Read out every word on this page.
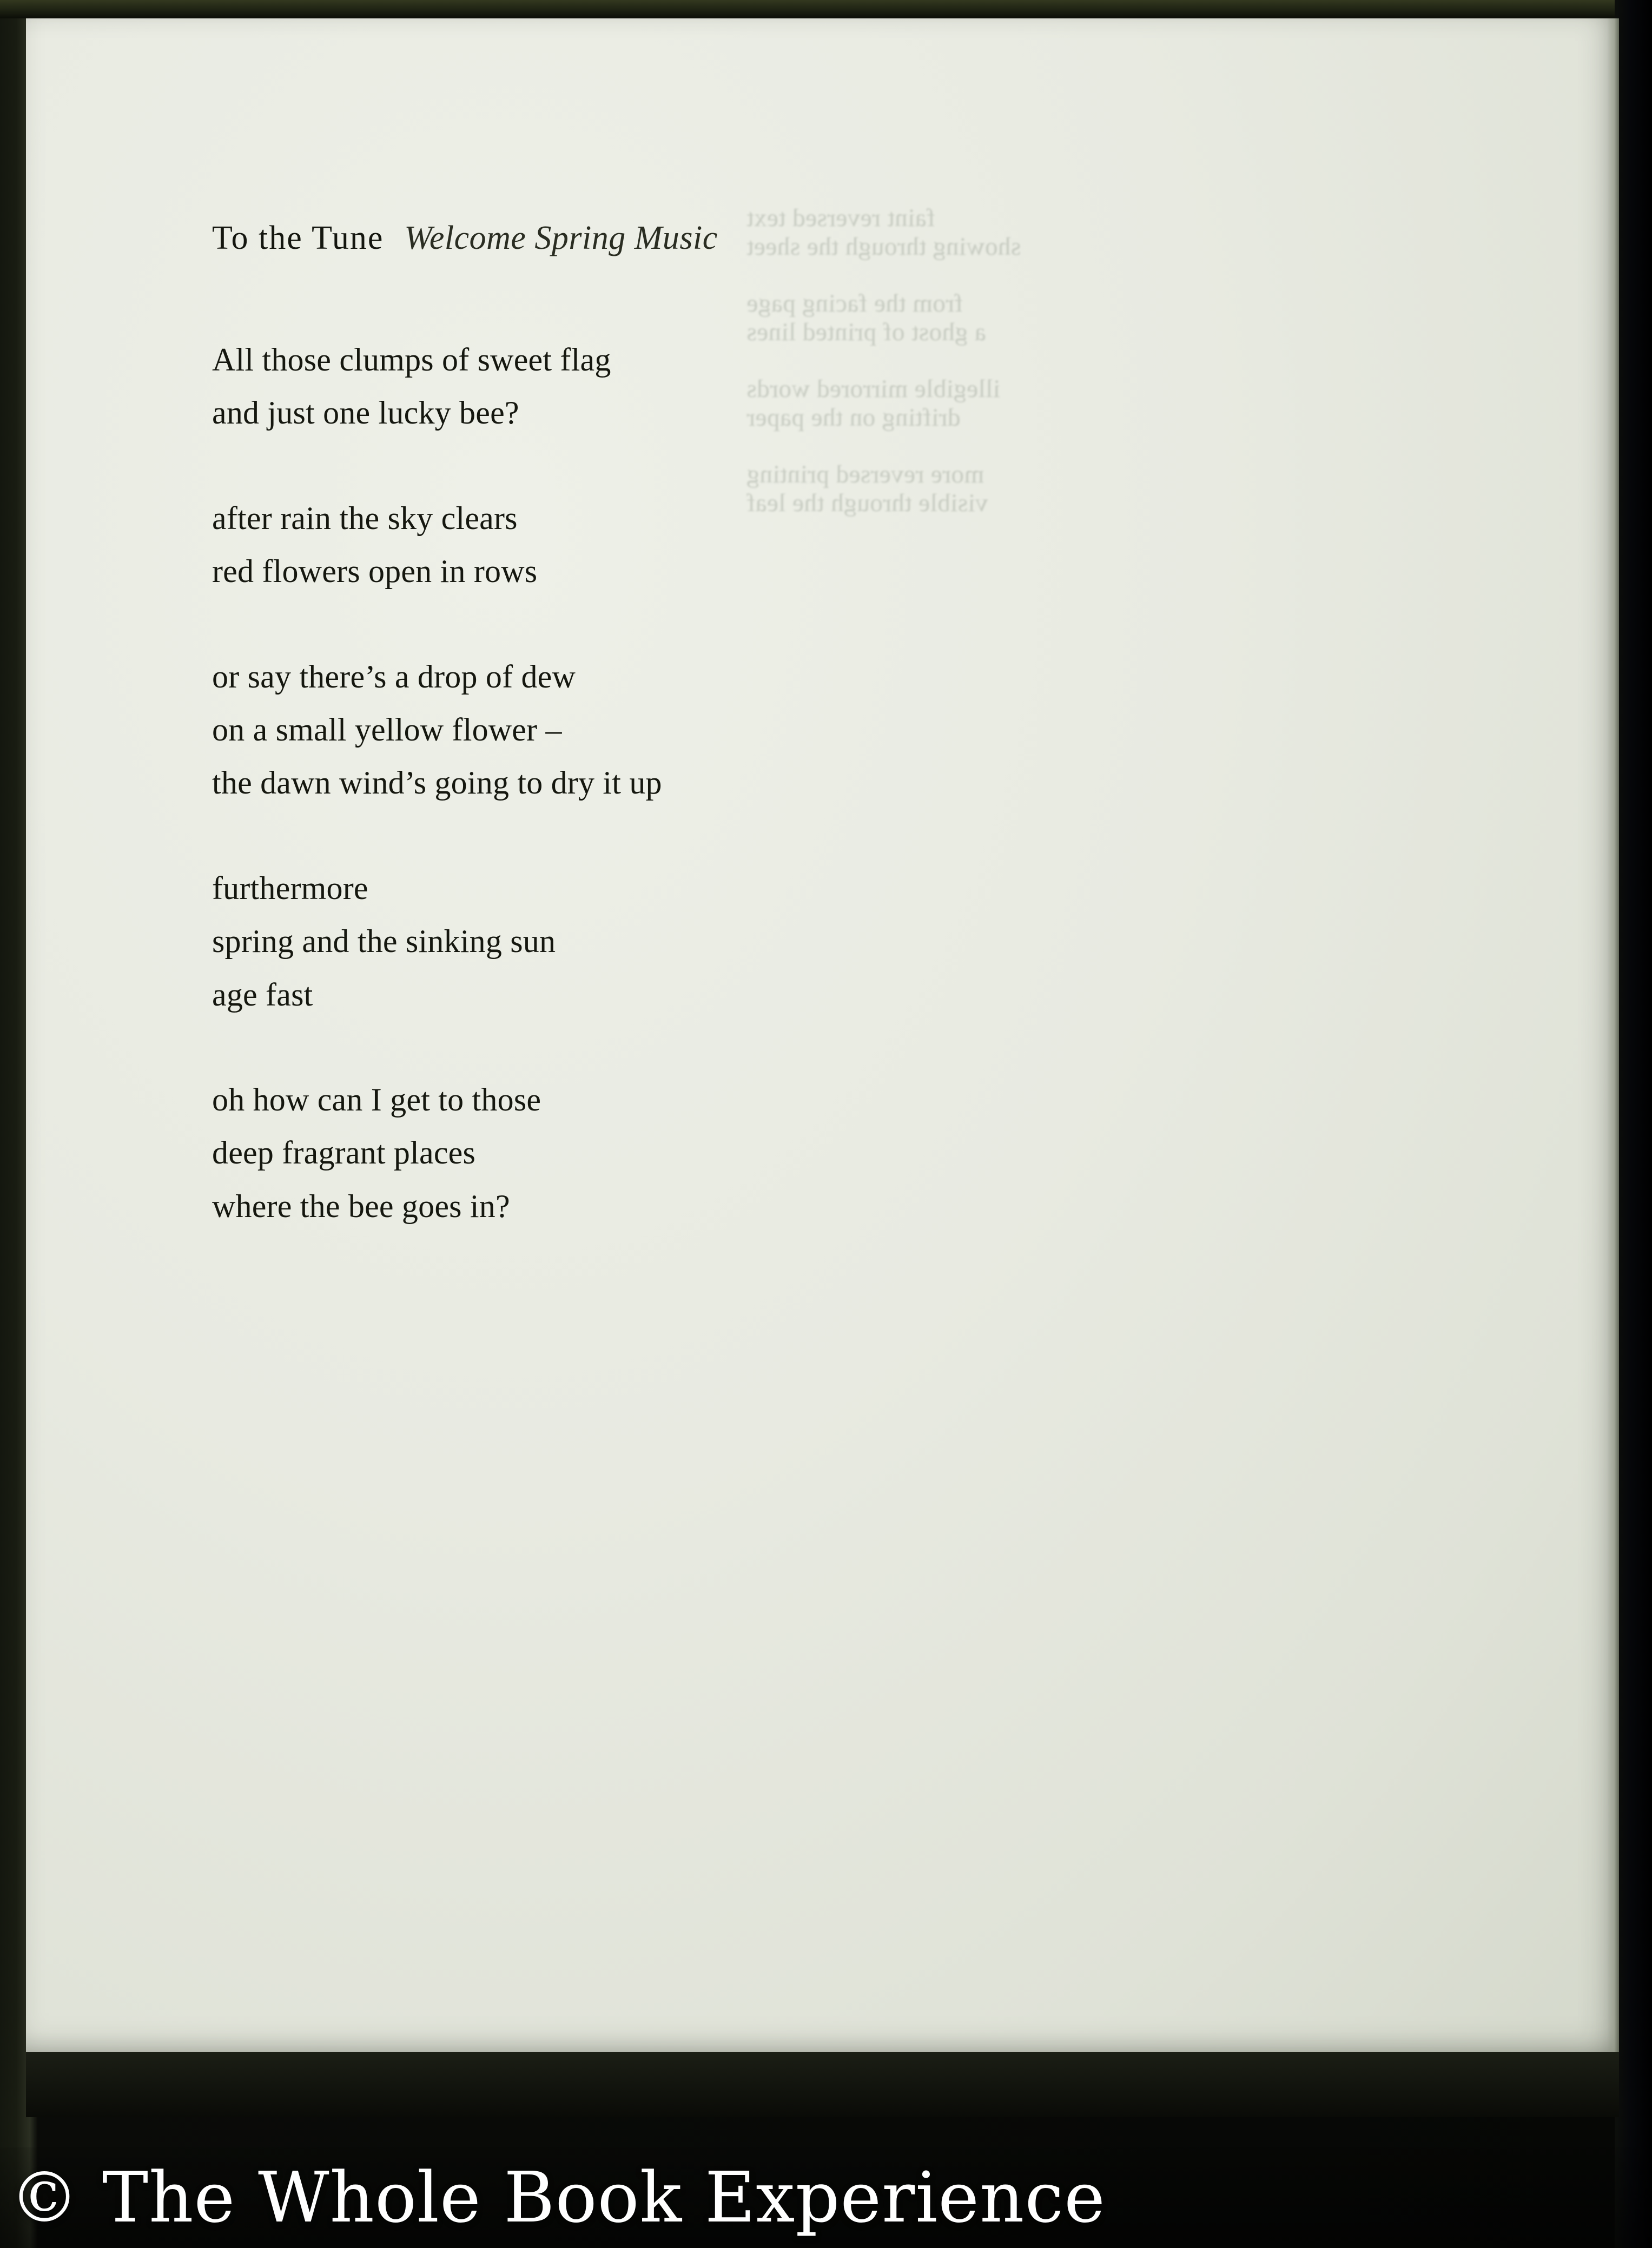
faint reversed text
showing through the sheet
from the facing page
a ghost of printed lines
illegible mirrored words
drifting on the paper
more reversed printing
visible through the leaf
To the Tune Welcome Spring Music
All those clumps of sweet flag
and just one lucky bee?
after rain the sky clears
red flowers open in rows
or say there’s a drop of dew
on a small yellow flower –
the dawn wind’s going to dry it up
furthermore
spring and the sinking sun
age fast
oh how can I get to those
deep fragrant places
where the bee goes in?
© The Whole Book Experience
